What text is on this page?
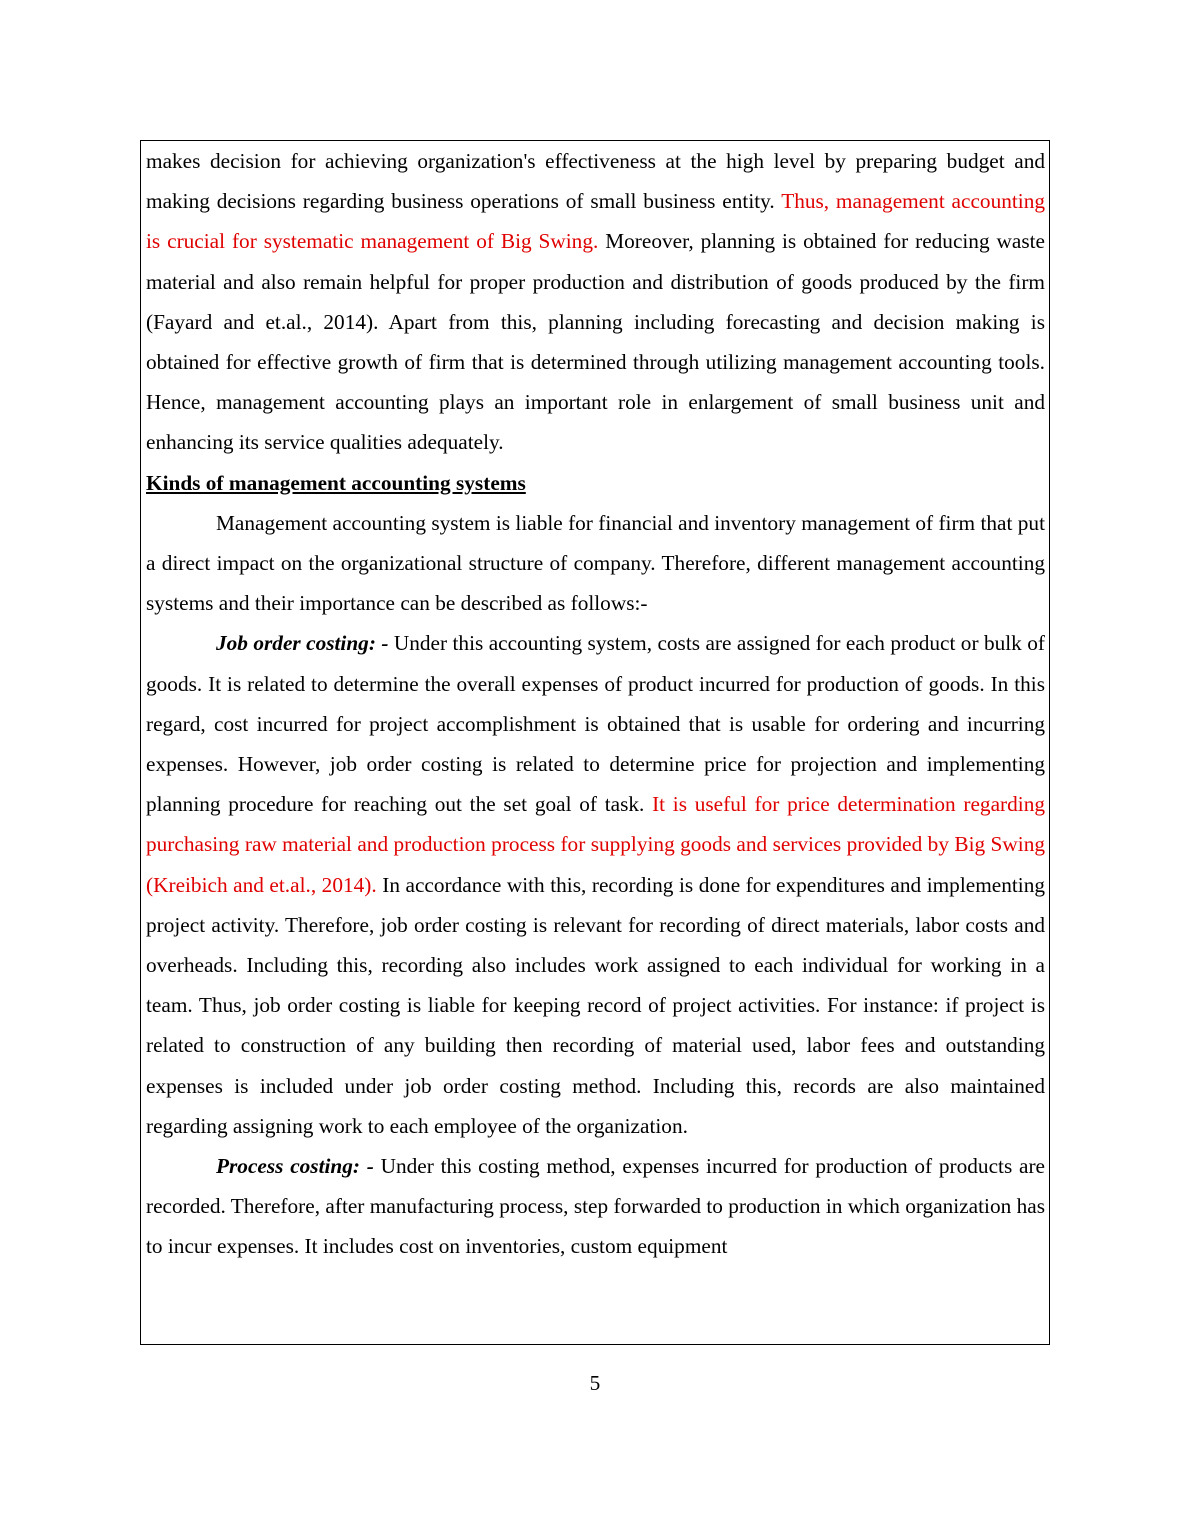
makes decision for achieving organization's effectiveness at the high level by preparing budget and making decisions regarding business operations of small business entity. Thus, management accounting is crucial for systematic management of Big Swing. Moreover, planning is obtained for reducing waste material and also remain helpful for proper production and distribution of goods produced by the firm (Fayard and et.al., 2014). Apart from this, planning including forecasting and decision making is obtained for effective growth of firm that is determined through utilizing management accounting tools. Hence, management accounting plays an important role in enlargement of small business unit and enhancing its service qualities adequately.

Kinds of management accounting systems

Management accounting system is liable for financial and inventory management of firm that put a direct impact on the organizational structure of company. Therefore, different management accounting systems and their importance can be described as follows:-

Job order costing: - Under this accounting system, costs are assigned for each product or bulk of goods. It is related to determine the overall expenses of product incurred for production of goods. In this regard, cost incurred for project accomplishment is obtained that is usable for ordering and incurring expenses. However, job order costing is related to determine price for projection and implementing planning procedure for reaching out the set goal of task. It is useful for price determination regarding purchasing raw material and production process for supplying goods and services provided by Big Swing (Kreibich and et.al., 2014). In accordance with this, recording is done for expenditures and implementing project activity. Therefore, job order costing is relevant for recording of direct materials, labor costs and overheads. Including this, recording also includes work assigned to each individual for working in a team. Thus, job order costing is liable for keeping record of project activities. For instance: if project is related to construction of any building then recording of material used, labor fees and outstanding expenses is included under job order costing method. Including this, records are also maintained regarding assigning work to each employee of the organization.

Process costing: - Under this costing method, expenses incurred for production of products are recorded. Therefore, after manufacturing process, step forwarded to production in which organization has to incur expenses. It includes cost on inventories, custom equipment

5
